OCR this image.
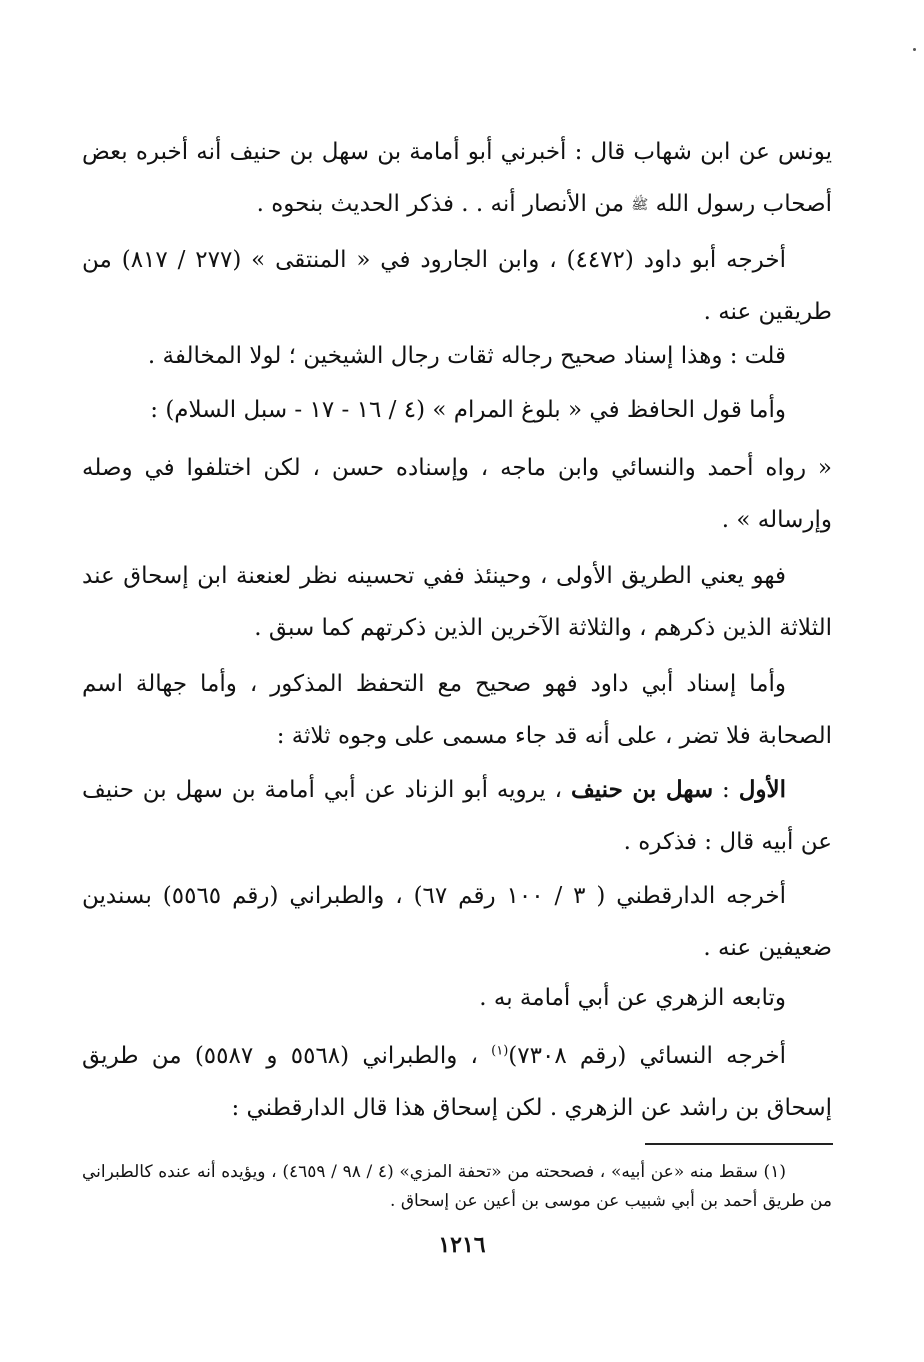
يونس عن ابن شهاب قال : أخبرني أبو أمامة بن سهل بن حنيف أنه أخبره بعض أصحاب رسول الله ﷺ من الأنصار أنه . . فذكر الحديث بنحوه .

أخرجه أبو داود (٤٤٧٢) ، وابن الجارود في « المنتقى » (٢٧٧ / ٨١٧) من طريقين عنه .

قلت : وهذا إسناد صحيح رجاله ثقات رجال الشيخين ؛ لولا المخالفة .

وأما قول الحافظ في « بلوغ المرام » (٤ / ١٦ - ١٧ - سبل السلام) :

« رواه أحمد والنسائي وابن ماجه ، وإسناده حسن ، لكن اختلفوا في وصله وإرساله » .

فهو يعني الطريق الأولى ، وحينئذ ففي تحسينه نظر لعنعنة ابن إسحاق عند الثلاثة الذين ذكرهم ، والثلاثة الآخرين الذين ذكرتهم كما سبق .

وأما إسناد أبي داود فهو صحيح مع التحفظ المذكور ، وأما جهالة اسم الصحابة فلا تضر ، على أنه قد جاء مسمى على وجوه ثلاثة :

الأول : سهل بن حنيف ، يرويه أبو الزناد عن أبي أمامة بن سهل بن حنيف عن أبيه قال : فذكره .

أخرجه الدارقطني ( ٣ / ١٠٠ رقم ٦٧) ، والطبراني (رقم ٥٥٦٥) بسندين ضعيفين عنه .

وتابعه الزهري عن أبي أمامة به .

أخرجه النسائي (رقم ٧٣٠٨)$^{(١)}$ ، والطبراني (٥٥٦٨ و ٥٥٨٧) من طريق إسحاق بن راشد عن الزهري . لكن إسحاق هذا قال الدارقطني :

(١) سقط منه «عن أبيه» ، فصححته من «تحفة المزي» (٤ / ٩٨ / ٤٦٥٩) ، ويؤيده أنه عنده كالطبراني من طريق أحمد بن أبي شبيب عن موسى بن أعين عن إسحاق .

١٢١٦
